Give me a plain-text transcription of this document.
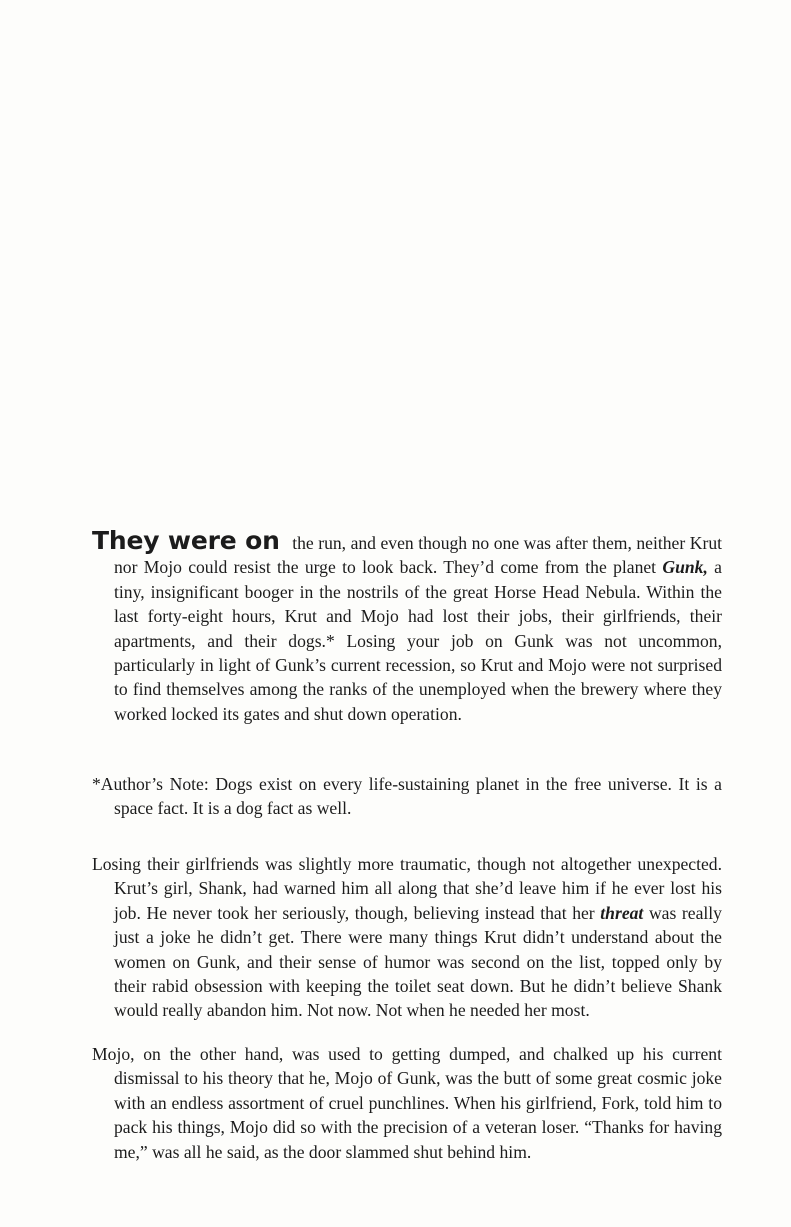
They were on the run, and even though no one was after them, neither Krut nor Mojo could resist the urge to look back. They’d come from the planet Gunk, a tiny, insignificant booger in the nostrils of the great Horse Head Nebula. Within the last forty-eight hours, Krut and Mojo had lost their jobs, their girlfriends, their apartments, and their dogs.* Losing your job on Gunk was not uncommon, particularly in light of Gunk’s current recession, so Krut and Mojo were not surprised to find themselves among the ranks of the unemployed when the brewery where they worked locked its gates and shut down operation.

*Author’s Note: Dogs exist on every life-sustaining planet in the free universe. It is a space fact. It is a dog fact as well.

Losing their girlfriends was slightly more traumatic, though not altogether unexpected. Krut’s girl, Shank, had warned him all along that she’d leave him if he ever lost his job. He never took her seriously, though, believing instead that her threat was really just a joke he didn’t get. There were many things Krut didn’t understand about the women on Gunk, and their sense of humor was second on the list, topped only by their rabid obsession with keeping the toilet seat down. But he didn’t believe Shank would really abandon him. Not now. Not when he needed her most.

Mojo, on the other hand, was used to getting dumped, and chalked up his current dismissal to his theory that he, Mojo of Gunk, was the butt of some great cosmic joke with an endless assortment of cruel punchlines. When his girlfriend, Fork, told him to pack his things, Mojo did so with the precision of a veteran loser. “Thanks for having me,” was all he said, as the door slammed shut behind him.
